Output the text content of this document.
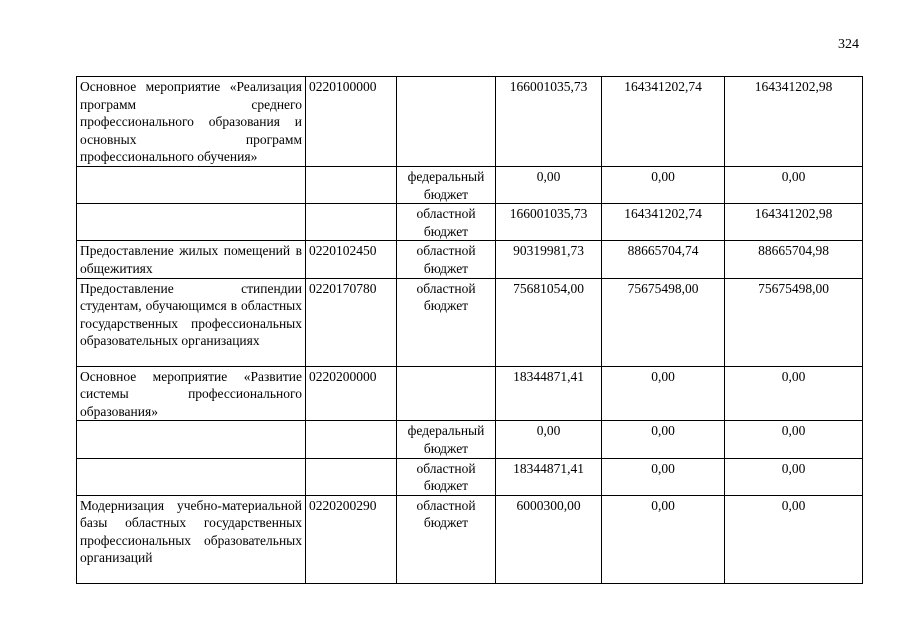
324
Основное мероприятие «Реализация программ среднего профессионального образования и основных программ профессионального обучения»	0220100000		166001035,73	164341202,74	164341202,98
		федеральный бюджет	0,00	0,00	0,00
		областной бюджет	166001035,73	164341202,74	164341202,98
Предоставление жилых помещений в общежитиях	0220102450	областной бюджет	90319981,73	88665704,74	88665704,98
Предоставление стипендии студентам, обучающимся в областных государственных профессиональных образовательных организациях	0220170780	областной бюджет	75681054,00	75675498,00	75675498,00
Основное мероприятие «Развитие системы профессионального образования»	0220200000		18344871,41	0,00	0,00
		федеральный бюджет	0,00	0,00	0,00
		областной бюджет	18344871,41	0,00	0,00
Модернизация учебно-материальной базы областных государственных профессиональных образовательных организаций	0220200290	областной бюджет	6000300,00	0,00	0,00
